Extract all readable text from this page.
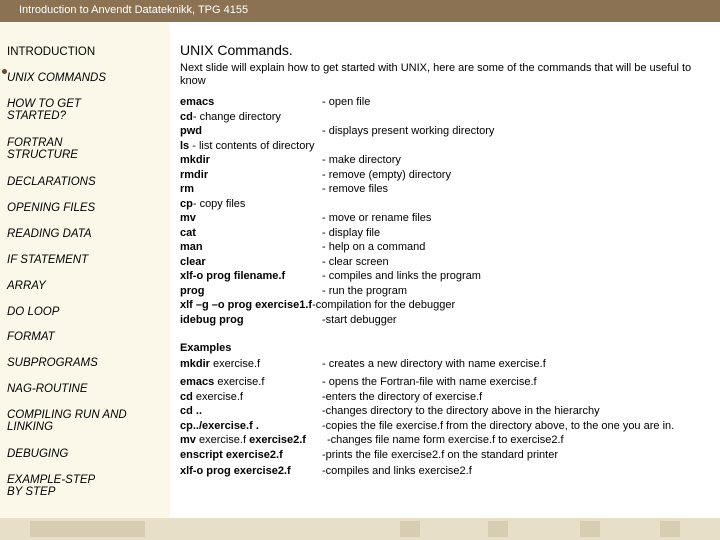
Introduction to Anvendt Datateknikk, TPG 4155
INTRODUCTION
UNIX COMMANDS
HOW TO GET STARTED?
FORTRAN STRUCTURE
DECLARATIONS
OPENING FILES
READING DATA
IF STATEMENT
ARRAY
DO LOOP
FORMAT
SUBPROGRAMS
NAG-ROUTINE
COMPILING RUN AND LINKING
DEBUGING
EXAMPLE-STEP BY STEP
UNIX Commands.
Next slide will explain how to get started with UNIX, here are some of the commands that will be useful to know
emacs	- open file
cd- change directory
pwd	- displays present working directory
ls - list contents of directory
mkdir	- make directory
rmdir	- remove (empty) directory
rm	- remove files
cp- copy files
mv	- move or rename files
cat	- display file
man	- help on a command
clear	- clear screen
xlf-o prog filename.f	- compiles and links the program
prog	- run the program
xlf –g –o prog exercise1.f-compilation for the debugger
idebug prog	-start debugger
Examples
mkdir exercise.f	- creates a new directory with name exercise.f
emacs exercise.f	- opens the Fortran-file with name exercise.f
cd exercise.f	-enters the directory of exercise.f
cd ..	-changes directory to the directory above in the hierarchy
cp../exercise.f .	-copies the file exercise.f from the directory above, to the one you are in.
mv exercise.f exercise2.f -changes file name form exercise.f to exercise2.f
enscript exercise2.f	-prints the file exercise2.f on the standard printer
xlf-o prog exercise2.f	-compiles and links exercise2.f
